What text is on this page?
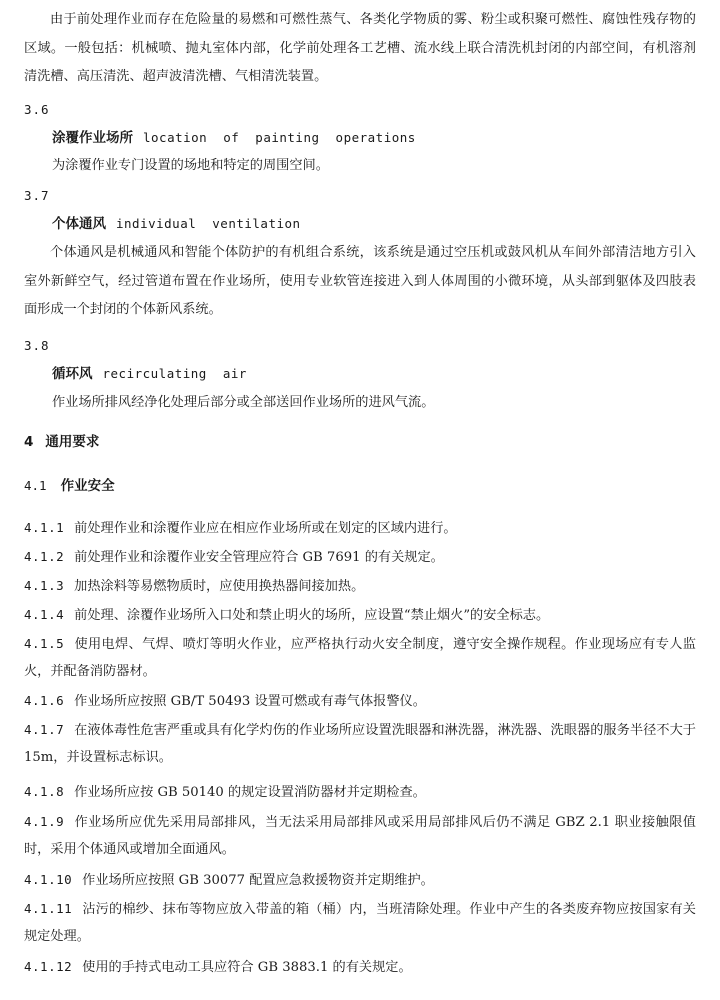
由于前处理作业而存在危险量的易燃和可燃性蒸气、各类化学物质的雾、粉尘或积聚可燃性、腐蚀性残存物的区域。一般包括：机械喷、抛丸室体内部，化学前处理各工艺槽、流水线上联合清洗机封闭的内部空间，有机溶剂清洗槽、高压清洗、超声波清洗槽、气相清洗装置。
3.6
涂覆作业场所 location of painting operations
为涂覆作业专门设置的场地和特定的周围空间。
3.7
个体通风 individual ventilation
个体通风是机械通风和智能个体防护的有机组合系统，该系统是通过空压机或鼓风机从车间外部清洁地方引入室外新鲜空气，经过管道布置在作业场所，使用专业软管连接进入到人体周围的小微环境，从头部到躯体及四肢表面形成一个封闭的个体新风系统。
3.8
循环风 recirculating air
作业场所排风经净化处理后部分或全部送回作业场所的进风气流。
4 通用要求
4.1 作业安全
4.1.1 前处理作业和涂覆作业应在相应作业场所或在划定的区域内进行。
4.1.2 前处理作业和涂覆作业安全管理应符合 GB 7691 的有关规定。
4.1.3 加热涂料等易燃物质时，应使用换热器间接加热。
4.1.4 前处理、涂覆作业场所入口处和禁止明火的场所，应设置“禁止烟火”的安全标志。
4.1.5 使用电焊、气焊、喷灯等明火作业，应严格执行动火安全制度，遵守安全操作规程。作业现场应有专人监火，并配备消防器材。
4.1.6 作业场所应按照 GB/T 50493 设置可燃或有毒气体报警仪。
4.1.7 在液体毒性危害严重或具有化学灼伤的作业场所应设置洗眼器和淋洗器，淋洗器、洗眼器的服务半径不大于 15m，并设置标志标识。
4.1.8 作业场所应按 GB 50140 的规定设置消防器材并定期检查。
4.1.9 作业场所应优先采用局部排风，当无法采用局部排风或采用局部排风后仍不满足 GBZ 2.1 职业接触限值时，采用个体通风或增加全面通风。
4.1.10 作业场所应按照 GB 30077 配置应急救援物资并定期维护。
4.1.11 沾污的棉纱、抹布等物应放入带盖的箱（桶）内，当班清除处理。作业中产生的各类废弃物应按国家有关规定处理。
4.1.12 使用的手持式电动工具应符合 GB 3883.1 的有关规定。
